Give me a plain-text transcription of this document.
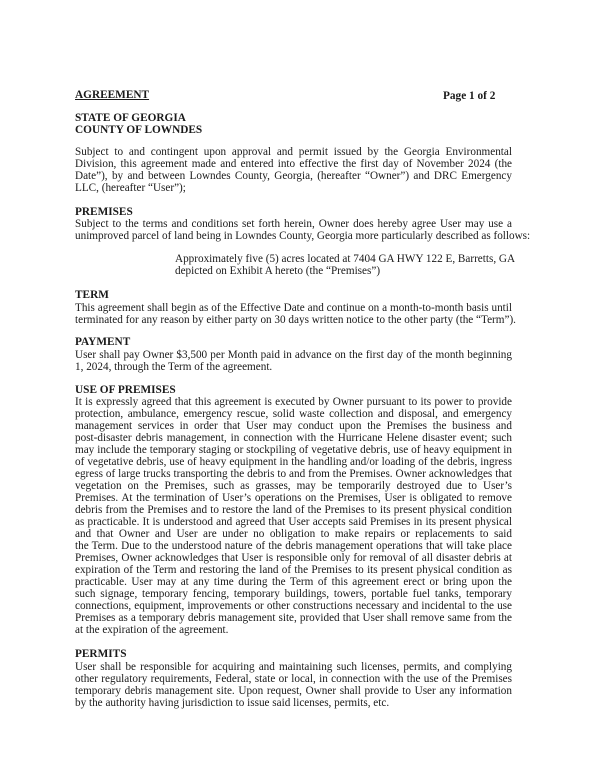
AGREEMENT	Page 1 of 2
STATE OF GEORGIA
COUNTY OF LOWNDES
Subject to and contingent upon approval and permit issued by the Georgia Environmental
Division, this agreement made and entered into effective the first day of November 2024 (the
Date”), by and between Lowndes County, Georgia, (hereafter “Owner”) and DRC Emergency
LLC, (hereafter “User”);
PREMISES
Subject to the terms and conditions set forth herein, Owner does hereby agree User may use a
unimproved parcel of land being in Lowndes County, Georgia more particularly described as follows:
Approximately five (5) acres located at 7404 GA HWY 122 E, Barretts, GA
depicted on Exhibit A hereto (the “Premises”)
TERM
This agreement shall begin as of the Effective Date and continue on a month-to-month basis until
terminated for any reason by either party on 30 days written notice to the other party (the “Term”).
PAYMENT
User shall pay Owner $3,500 per Month paid in advance on the first day of the month beginning
1, 2024, through the Term of the agreement.
USE OF PREMISES
It is expressly agreed that this agreement is executed by Owner pursuant to its power to provide
protection, ambulance, emergency rescue, solid waste collection and disposal, and emergency
management services in order that User may conduct upon the Premises the business and
post-disaster debris management, in connection with the Hurricane Helene disaster event; such
may include the temporary staging or stockpiling of vegetative debris, use of heavy equipment in
of vegetative debris, use of heavy equipment in the handling and/or loading of the debris, ingress
egress of large trucks transporting the debris to and from the Premises. Owner acknowledges that
vegetation on the Premises, such as grasses, may be temporarily destroyed due to User’s
Premises. At the termination of User’s operations on the Premises, User is obligated to remove
debris from the Premises and to restore the land of the Premises to its present physical condition
as practicable. It is understood and agreed that User accepts said Premises in its present physical
and that Owner and User are under no obligation to make repairs or replacements to said
the Term. Due to the understood nature of the debris management operations that will take place
Premises, Owner acknowledges that User is responsible only for removal of all disaster debris at
expiration of the Term and restoring the land of the Premises to its present physical condition as
practicable. User may at any time during the Term of this agreement erect or bring upon the
such signage, temporary fencing, temporary buildings, towers, portable fuel tanks, temporary
connections, equipment, improvements or other constructions necessary and incidental to the use
Premises as a temporary debris management site, provided that User shall remove same from the
at the expiration of the agreement.
PERMITS
User shall be responsible for acquiring and maintaining such licenses, permits, and complying
other regulatory requirements, Federal, state or local, in connection with the use of the Premises
temporary debris management site. Upon request, Owner shall provide to User any information
by the authority having jurisdiction to issue said licenses, permits, etc.
